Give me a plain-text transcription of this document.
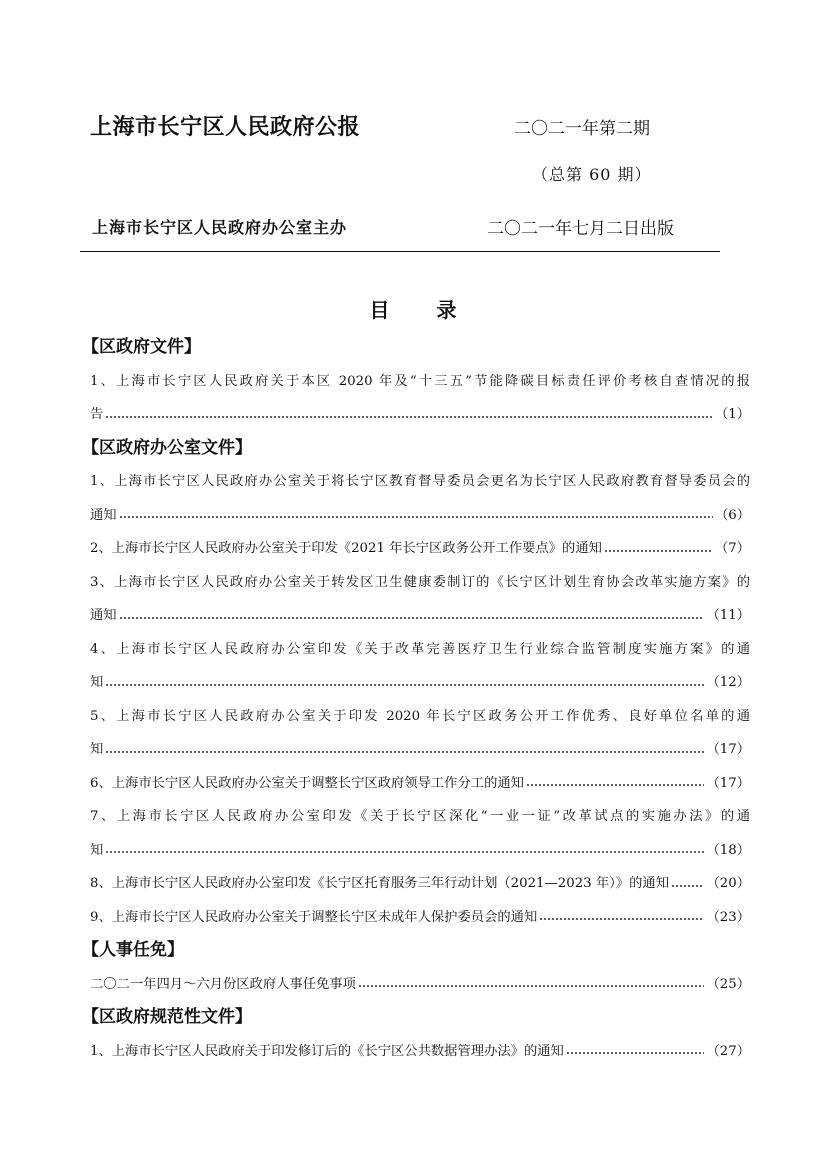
上海市长宁区人民政府公报	二〇二一年第二期
（总第 60 期）
上海市长宁区人民政府办公室主办	二〇二一年七月二日出版
目 录
【区政府文件】
1、上海市长宁区人民政府关于本区 2020 年及“十三五”节能降碳目标责任评价考核自查情况的报
告	（1）
【区政府办公室文件】
1、上海市长宁区人民政府办公室关于将长宁区教育督导委员会更名为长宁区人民政府教育督导委员会的
通知	（6）
2、上海市长宁区人民政府办公室关于印发《2021 年长宁区政务公开工作要点》的通知	（7）
3、上海市长宁区人民政府办公室关于转发区卫生健康委制订的《长宁区计划生育协会改革实施方案》的
通知	（11）
4、上海市长宁区人民政府办公室印发《关于改革完善医疗卫生行业综合监管制度实施方案》的通
知	（12）
5、上海市长宁区人民政府办公室关于印发 2020 年长宁区政务公开工作优秀、良好单位名单的通
知	（17）
6、上海市长宁区人民政府办公室关于调整长宁区政府领导工作分工的通知	（17）
7、上海市长宁区人民政府办公室印发《关于长宁区深化“一业一证”改革试点的实施办法》的通
知	（18）
8、上海市长宁区人民政府办公室印发《长宁区托育服务三年行动计划（2021—2023 年）》的通知	（20）
9、上海市长宁区人民政府办公室关于调整长宁区未成年人保护委员会的通知	（23）
【人事任免】
二〇二一年四月～六月份区政府人事任免事项	（25）
【区政府规范性文件】
1、上海市长宁区人民政府关于印发修订后的《长宁区公共数据管理办法》的通知	（27）
